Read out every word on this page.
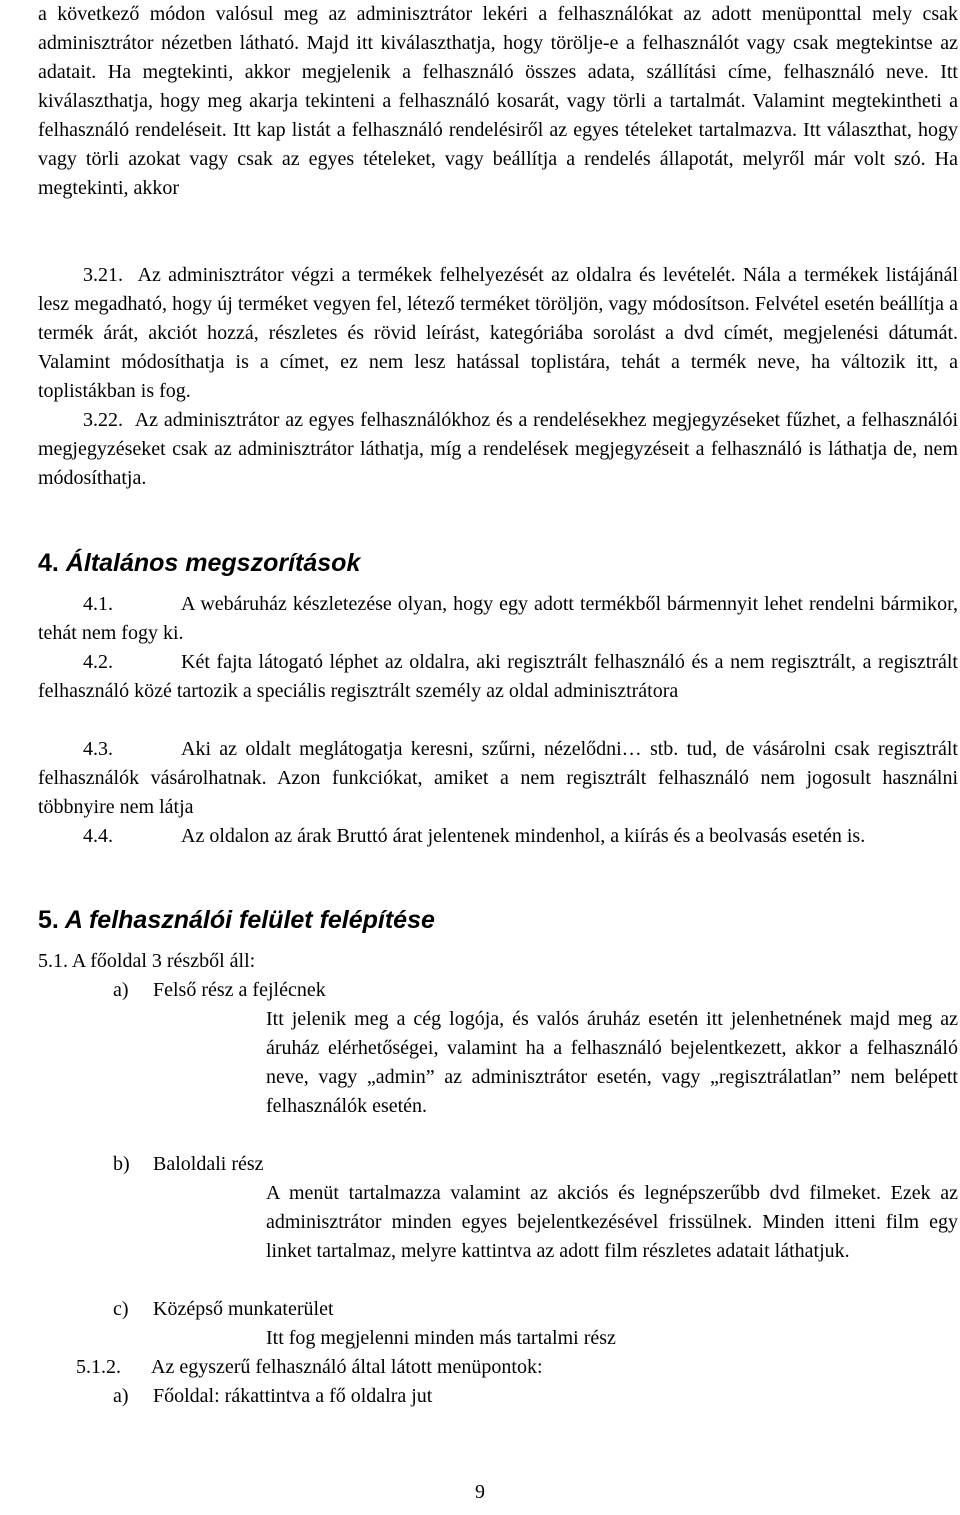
a következő módon valósul meg az adminisztrátor lekéri a felhasználókat az adott menüponttal mely csak adminisztrátor nézetben látható. Majd itt kiválaszthatja, hogy törölje-e a felhasználót vagy csak megtekintse az adatait. Ha megtekinti, akkor megjelenik a felhasználó összes adata, szállítási címe, felhasználó neve. Itt kiválaszthatja, hogy meg akarja tekinteni a felhasználó kosarát, vagy törli a tartalmát. Valamint megtekintheti a felhasználó rendeléseit. Itt kap listát a felhasználó rendelésiről az egyes tételeket tartalmazva. Itt választhat, hogy vagy törli azokat vagy csak az egyes tételeket, vagy beállítja a rendelés állapotát, melyről már volt szó. Ha megtekinti, akkor

3.21. Az adminisztrátor végzi a termékek felhelyezését az oldalra és levételét. Nála a termékek listájánál lesz megadható, hogy új terméket vegyen fel, létező terméket töröljön, vagy módosítson. Felvétel esetén beállítja a termék árát, akciót hozzá, részletes és rövid leírást, kategóriába sorolást a dvd címét, megjelenési dátumát. Valamint módosíthatja is a címet, ez nem lesz hatással toplistára, tehát a termék neve, ha változik itt, a toplistákban is fog.

3.22. Az adminisztrátor az egyes felhasználókhoz és a rendelésekhez megjegyzéseket fűzhet, a felhasználói megjegyzéseket csak az adminisztrátor láthatja, míg a rendelések megjegyzéseit a felhasználó is láthatja de, nem módosíthatja.

4. Általános megszorítások

4.1.	A webáruház készletezése olyan, hogy egy adott termékből bármennyit lehet rendelni bármikor, tehát nem fogy ki.

4.2.	Két fajta látogató léphet az oldalra, aki regisztrált felhasználó és a nem regisztrált, a regisztrált felhasználó közé tartozik a speciális regisztrált személy az oldal adminisztrátora

4.3.	Aki az oldalt meglátogatja keresni, szűrni, nézelődni… stb. tud, de vásárolni csak regisztrált felhasználók vásárolhatnak. Azon funkciókat, amiket a nem regisztrált felhasználó nem jogosult használni többnyire nem látja

4.4.	Az oldalon az árak Bruttó árat jelentenek mindenhol, a kiírás és a beolvasás esetén is.

5. A felhasználói felület felépítése

5.1. A főoldal 3 részből áll:

a) Felső rész a fejlécnek

Itt jelenik meg a cég logója, és valós áruház esetén itt jelenhetnének majd meg az áruház elérhetőségei, valamint ha a felhasználó bejelentkezett, akkor a felhasználó neve, vagy „admin” az adminisztrátor esetén, vagy „regisztrálatlan” nem belépett felhasználók esetén.

b) Baloldali rész

A menüt tartalmazza valamint az akciós és legnépszerűbb dvd filmeket. Ezek az adminisztrátor minden egyes bejelentkezésével frissülnek. Minden itteni film egy linket tartalmaz, melyre kattintva az adott film részletes adatait láthatjuk.

c) Középső munkaterület

Itt fog megjelenni minden más tartalmi rész

5.1.2. Az egyszerű felhasználó által látott menüpontok:
a) Főoldal: rákattintva a fő oldalra jut
9
